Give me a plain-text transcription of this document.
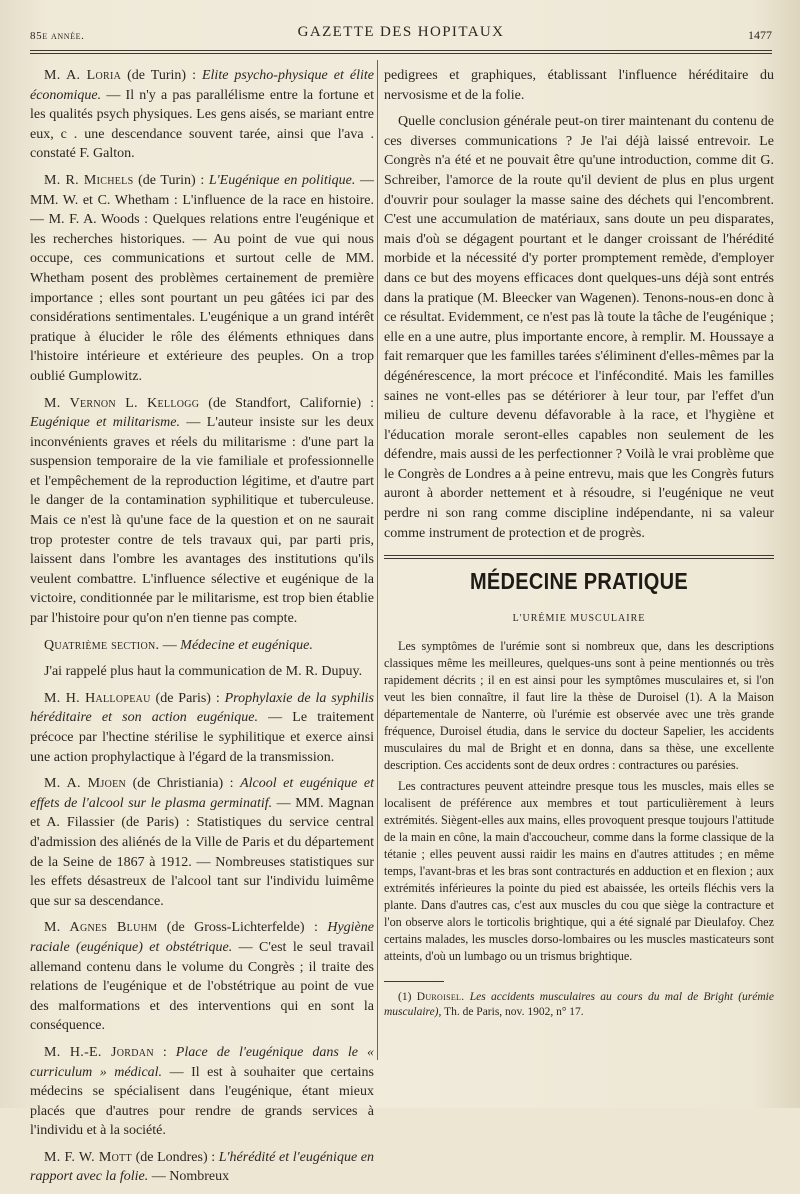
85e année.	GAZETTE DES HOPITAUX	1477

M. A. Loria (de Turin) : Elite psycho-physique et élite économique. — Il n'y a pas parallélisme entre la fortune et les qualités psych physiques. Les gens aisés, se mariant entre eux, c . une descendance souvent tarée, ainsi que l'ava . constaté F. Galton.

M. R. Michels (de Turin) : L'Eugénique en politique. — MM. W. et C. Whetham : L'influence de la race en histoire. — M. F. A. Woods : Quelques relations entre l'eugénique et les recherches historiques. — Au point de vue qui nous occupe, ces communications et surtout celle de MM. Whetham posent des problèmes certainement de première importance ; elles sont pourtant un peu gâtées ici par des considérations sentimentales. L'eugénique a un grand intérêt pratique à élucider le rôle des éléments ethniques dans l'histoire intérieure et extérieure des peuples. On a trop oublié Gumplowitz.

M. Vernon L. Kellogg (de Standfort, Californie) : Eugénique et militarisme. — L'auteur insiste sur les deux inconvénients graves et réels du militarisme : d'une part la suspension temporaire de la vie familiale et professionnelle et l'empêchement de la reproduction légitime, et d'autre part le danger de la contamination syphilitique et tuberculeuse. Mais ce n'est là qu'une face de la question et on ne saurait trop protester contre de tels travaux qui, par parti pris, laissent dans l'ombre les avantages des institutions qu'ils veulent combattre. L'influence sélective et eugénique de la victoire, conditionnée par le militarisme, est trop bien établie par l'histoire pour qu'on n'en tienne pas compte.

Quatrième section. — Médecine et eugénique.

J'ai rappelé plus haut la communication de M. R. Dupuy.

M. H. Hallopeau (de Paris) : Prophylaxie de la syphilis héréditaire et son action eugénique. — Le traitement précoce par l'hectine stérilise le syphilitique et exerce ainsi une action prophylactique à l'égard de la transmission.

M. A. Mjoen (de Christiania) : Alcool et eugénique et effets de l'alcool sur le plasma germinatif. — MM. Magnan et A. Filassier (de Paris) : Statistiques du service central d'admission des aliénés de la Ville de Paris et du département de la Seine de 1867 à 1912. — Nombreuses statistiques sur les effets désastreux de l'alcool tant sur l'individu luimême que sur sa descendance.

M. Agnes Bluhm (de Gross-Lichterfelde) : Hygiène raciale (eugénique) et obstétrique. — C'est le seul travail allemand contenu dans le volume du Congrès ; il traite des relations de l'eugénique et de l'obstétrique au point de vue des malformations et des interventions qui en sont la conséquence.

M. H.-E. Jordan : Place de l'eugénique dans le « curriculum » médical. — Il est à souhaiter que certains médecins se spécialisent dans l'eugénique, étant mieux placés que d'autres pour rendre de grands services à l'individu et à la société.

M. F. W. Mott (de Londres) : L'hérédité et l'eugénique en rapport avec la folie. — Nombreux

pedigrees et graphiques, établissant l'influence héréditaire du nervosisme et de la folie.

Quelle conclusion générale peut-on tirer maintenant du contenu de ces diverses communications ? Je l'ai déjà laissé entrevoir. Le Congrès n'a été et ne pouvait être qu'une introduction, comme dit G. Schreiber, l'amorce de la route qu'il devient de plus en plus urgent d'ouvrir pour soulager la masse saine des déchets qui l'encombrent. C'est une accumulation de matériaux, sans doute un peu disparates, mais d'où se dégagent pourtant et le danger croissant de l'hérédité morbide et la nécessité d'y porter promptement remède, d'employer dans ce but des moyens efficaces dont quelques-uns déjà sont entrés dans la pratique (M. Bleecker van Wagenen). Tenons-nous-en donc à ce résultat. Evidemment, ce n'est pas là toute la tâche de l'eugénique ; elle en a une autre, plus importante encore, à remplir. M. Houssaye a fait remarquer que les familles tarées s'éliminent d'elles-mêmes par la dégénérescence, la mort précoce et l'infécondité. Mais les familles saines ne vont-elles pas se détériorer à leur tour, par l'effet d'un milieu de culture devenu défavorable à la race, et l'hygiène et l'éducation morale seront-elles capables non seulement de les défendre, mais aussi de les perfectionner ? Voilà le vrai problème que le Congrès de Londres a à peine entrevu, mais que les Congrès futurs auront à aborder nettement et à résoudre, si l'eugénique ne veut perdre ni son rang comme discipline indépendante, ni sa valeur comme instrument de protection et de progrès.

MÉDECINE PRATIQUE
L'URÉMIE MUSCULAIRE

Les symptômes de l'urémie sont si nombreux que, dans les descriptions classiques même les meilleures, quelques-uns sont à peine mentionnés ou très rapidement décrits ; il en est ainsi pour les symptômes musculaires et, si l'on veut les bien connaître, il faut lire la thèse de Duroisel (1). A la Maison départementale de Nanterre, où l'urémie est observée avec une très grande fréquence, Duroisel étudia, dans le service du docteur Sapelier, les accidents musculaires du mal de Bright et en donna, dans sa thèse, une excellente description. Ces accidents sont de deux ordres : contractures ou parésies.

Les contractures peuvent atteindre presque tous les muscles, mais elles se localisent de préférence aux membres et tout particulièrement à leurs extrémités. Siègent-elles aux mains, elles provoquent presque toujours l'attitude de la main en cône, la main d'accoucheur, comme dans la forme classique de la tétanie ; elles peuvent aussi raidir les mains en d'autres attitudes ; en même temps, l'avant-bras et les bras sont contracturés en adduction et en flexion ; aux extrémités inférieures la pointe du pied est abaissée, les orteils fléchis vers la plante. Dans d'autres cas, c'est aux muscles du cou que siège la contracture et l'on observe alors le torticolis brightique, qui a été signalé par Dieulafoy. Chez certains malades, les muscles dorso-lombaires ou les muscles masticateurs sont atteints, d'où un lumbago ou un trismus brightique.

(1) Duroisel. Les accidents musculaires au cours du mal de Bright (urémie musculaire), Th. de Paris, nov. 1902, n° 17.
